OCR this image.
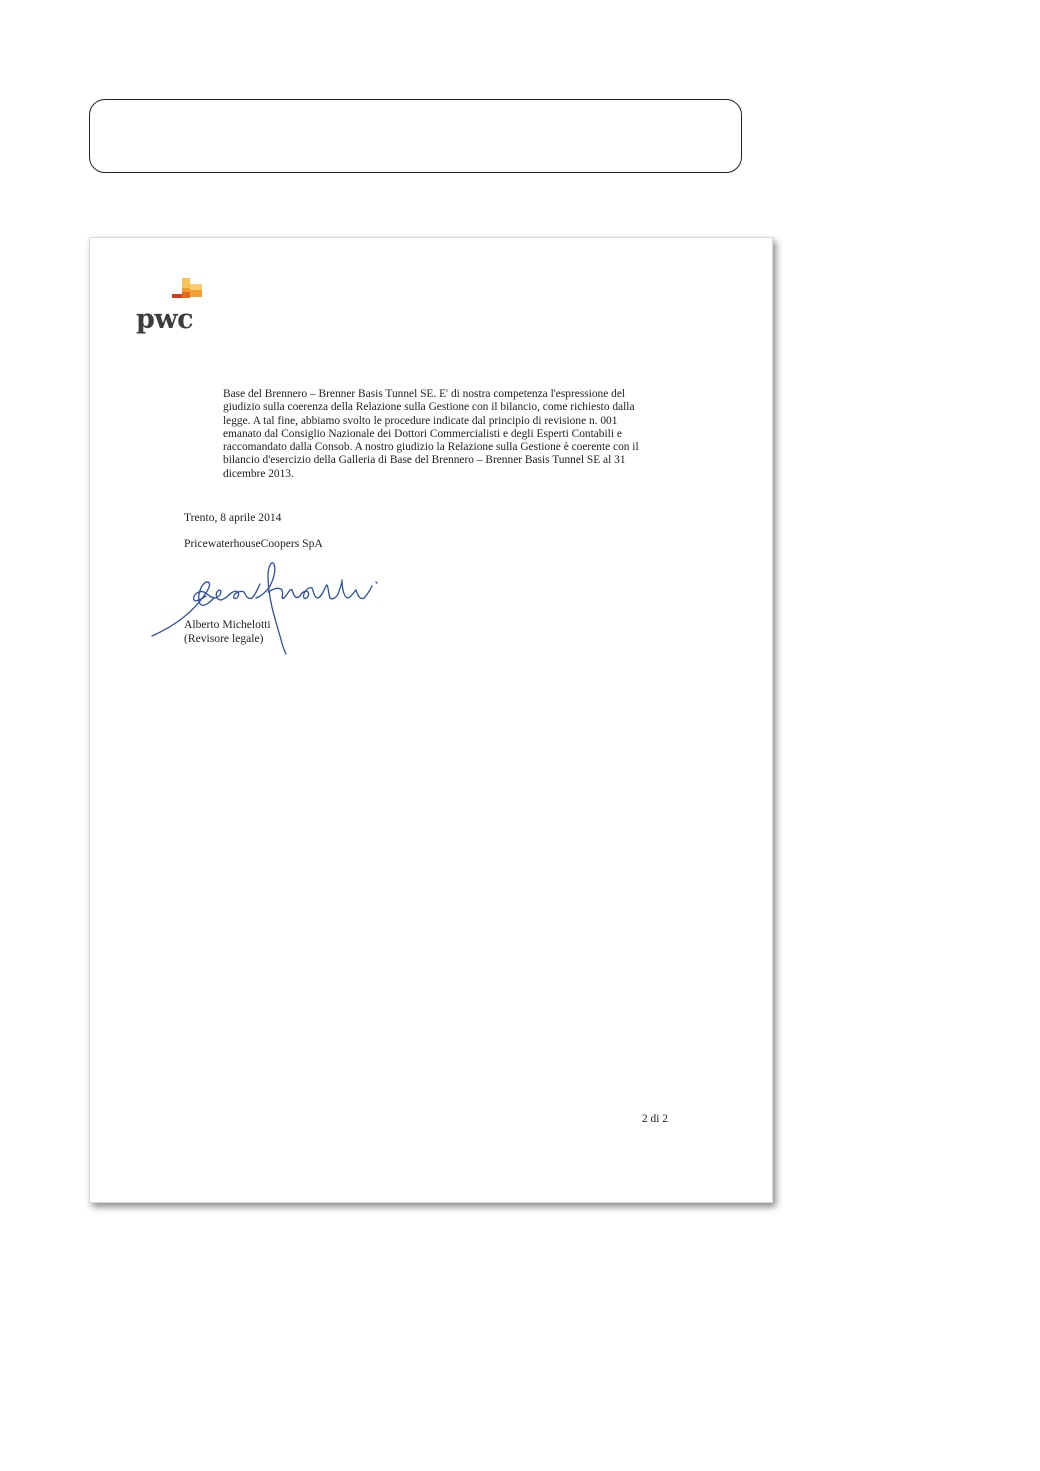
pwc
Base del Brennero – Brenner Basis Tunnel SE. E' di nostra competenza l'espressione del
giudizio sulla coerenza della Relazione sulla Gestione con il bilancio, come richiesto dalla
legge. A tal fine, abbiamo svolto le procedure indicate dal principio di revisione n. 001
emanato dal Consiglio Nazionale dei Dottori Commercialisti e degli Esperti Contabili e
raccomandato dalla Consob. A nostro giudizio la Relazione sulla Gestione è coerente con il
bilancio d'esercizio della Galleria di Base del Brennero – Brenner Basis Tunnel SE al 31
dicembre 2013.
Trento, 8 aprile 2014
PricewaterhouseCoopers SpA
Alberto Michelotti
(Revisore legale)
2 di 2
